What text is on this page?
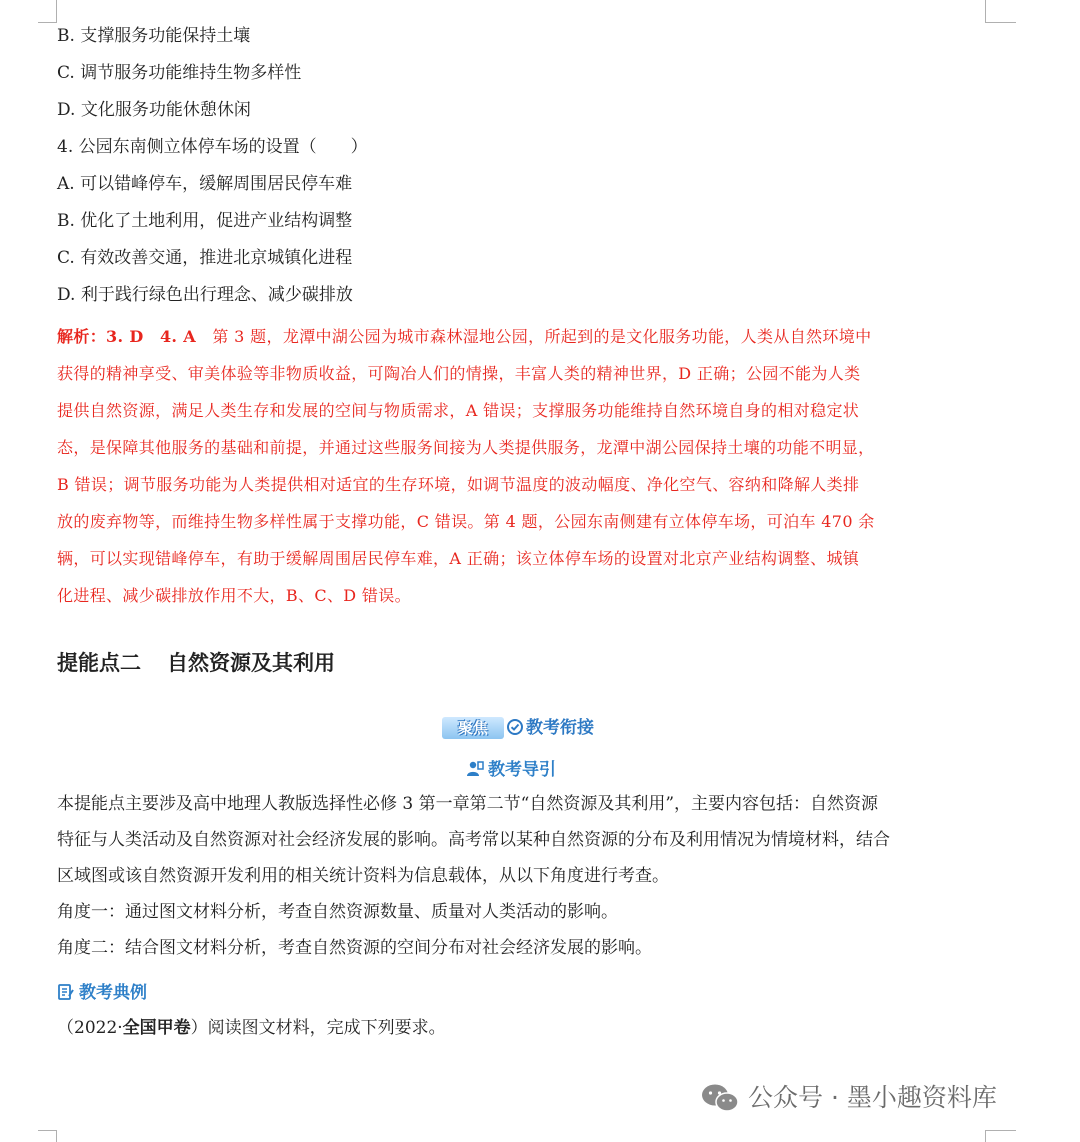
B. 支撑服务功能保持土壤
C. 调节服务功能维持生物多样性
D. 文化服务功能休憩休闲
4. 公园东南侧立体停车场的设置（　　）
A. 可以错峰停车，缓解周围居民停车难
B. 优化了土地利用，促进产业结构调整
C. 有效改善交通，推进北京城镇化进程
D. 利于践行绿色出行理念、减少碳排放

解析：3. D　4. A　第 3 题，龙潭中湖公园为城市森林湿地公园，所起到的是文化服务功能，人类从自然环境中

获得的精神享受、审美体验等非物质收益，可陶冶人们的情操，丰富人类的精神世界，D 正确；公园不能为人类

提供自然资源，满足人类生存和发展的空间与物质需求，A 错误；支撑服务功能维持自然环境自身的相对稳定状

态，是保障其他服务的基础和前提，并通过这些服务间接为人类提供服务，龙潭中湖公园保持土壤的功能不明显，

B 错误；调节服务功能为人类提供相对适宜的生存环境，如调节温度的波动幅度、净化空气、容纳和降解人类排

放的废弃物等，而维持生物多样性属于支撑功能，C 错误。第 4 题，公园东南侧建有立体停车场，可泊车 470 余

辆，可以实现错峰停车，有助于缓解周围居民停车难，A 正确；该立体停车场的设置对北京产业结构调整、城镇

化进程、减少碳排放作用不大，B、C、D 错误。

提能点二 自然资源及其利用
聚焦	教考衔接
教考导引

本提能点主要涉及高中地理人教版选择性必修 3 第一章第二节“自然资源及其利用”，主要内容包括：自然资源

特征与人类活动及自然资源对社会经济发展的影响。高考常以某种自然资源的分布及利用情况为情境材料，结合

区域图或该自然资源开发利用的相关统计资料为信息载体，从以下角度进行考查。

角度一：通过图文材料分析，考查自然资源数量、质量对人类活动的影响。

角度二：结合图文材料分析，考查自然资源的空间分布对社会经济发展的影响。

教考典例
（2022·全国甲卷）阅读图文材料，完成下列要求。
公众号 · 墨小趣资料库
